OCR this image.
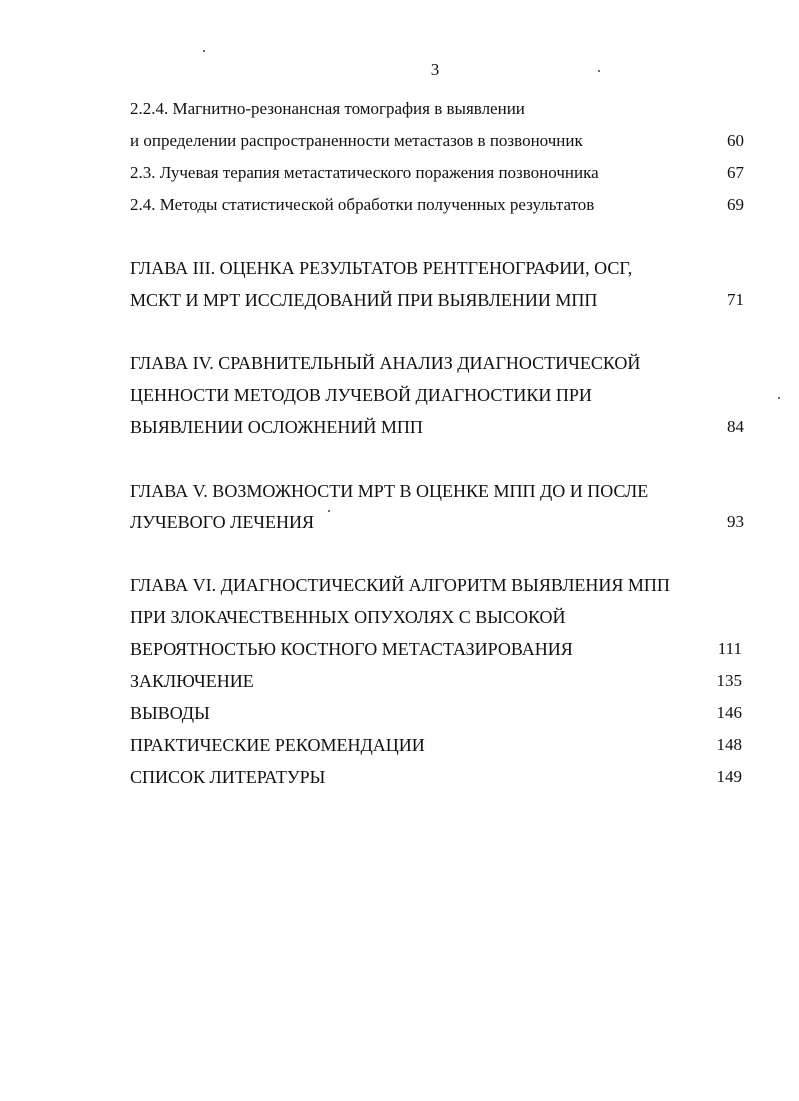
3
2.2.4. Магнитно-резонансная томография в выявлении
и определении распространенности метастазов в позвоночник	60
2.3. Лучевая терапия метастатического поражения позвоночника	67
2.4. Методы статистической обработки полученных результатов	69
ГЛАВА III. ОЦЕНКА РЕЗУЛЬТАТОВ РЕНТГЕНОГРАФИИ, ОСГ,
МСКТ И МРТ ИССЛЕДОВАНИЙ ПРИ ВЫЯВЛЕНИИ МПП	71
ГЛАВА IV. СРАВНИТЕЛЬНЫЙ АНАЛИЗ ДИАГНОСТИЧЕСКОЙ
ЦЕННОСТИ МЕТОДОВ ЛУЧЕВОЙ ДИАГНОСТИКИ ПРИ
ВЫЯВЛЕНИИ ОСЛОЖНЕНИЙ МПП	84
ГЛАВА V. ВОЗМОЖНОСТИ МРТ В ОЦЕНКЕ МПП ДО И ПОСЛЕ
ЛУЧЕВОГО ЛЕЧЕНИЯ	93
ГЛАВА VI. ДИАГНОСТИЧЕСКИЙ АЛГОРИТМ ВЫЯВЛЕНИЯ МПП
ПРИ ЗЛОКАЧЕСТВЕННЫХ ОПУХОЛЯХ С ВЫСОКОЙ
ВЕРОЯТНОСТЬЮ КОСТНОГО МЕТАСТАЗИРОВАНИЯ	111
ЗАКЛЮЧЕНИЕ	135
ВЫВОДЫ	146
ПРАКТИЧЕСКИЕ РЕКОМЕНДАЦИИ	148
СПИСОК ЛИТЕРАТУРЫ	149
